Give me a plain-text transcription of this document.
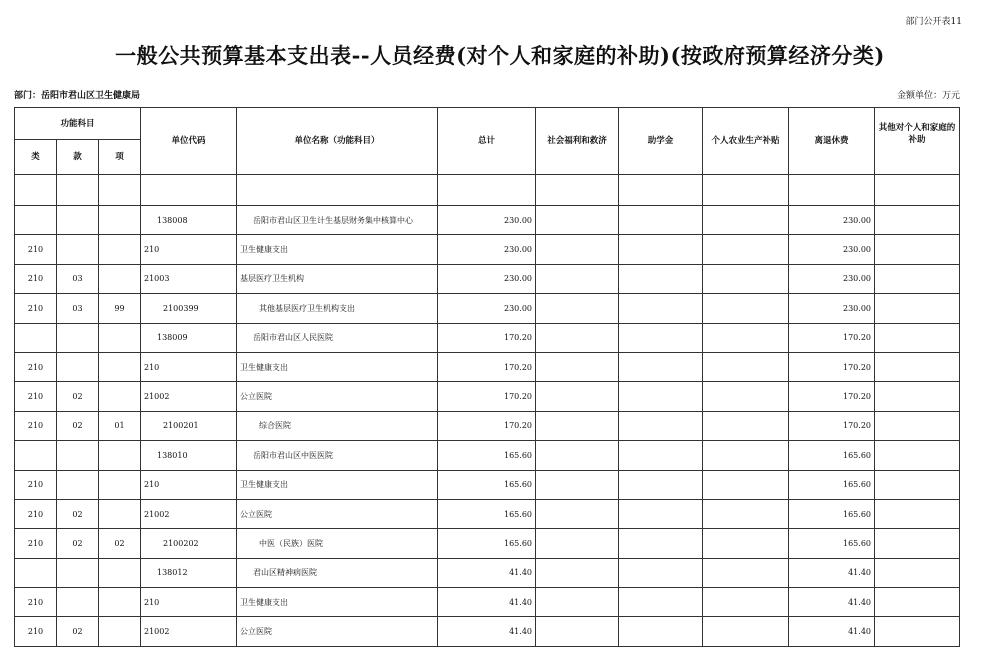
部门公开表11
一般公共预算基本支出表--人员经费(对个人和家庭的补助)(按政府预算经济分类)
部门：岳阳市君山区卫生健康局	金额单位：万元
功能科目			单位代码	单位名称（功能科目）	总计	社会福利和救济	助学金	个人农业生产补贴	离退休费	其他对个人和家庭的补助
类	款	项								

			138008	岳阳市君山区卫生计生基层财务集中核算中心	230.00				230.00	
210			210	卫生健康支出	230.00				230.00	
210	03		21003	基层医疗卫生机构	230.00				230.00	
210	03	99	2100399	其他基层医疗卫生机构支出	230.00				230.00	
			138009	岳阳市君山区人民医院	170.20				170.20	
210			210	卫生健康支出	170.20				170.20	
210	02		21002	公立医院	170.20				170.20	
210	02	01	2100201	综合医院	170.20				170.20	
			138010	岳阳市君山区中医医院	165.60				165.60	
210			210	卫生健康支出	165.60				165.60	
210	02		21002	公立医院	165.60				165.60	
210	02	02	2100202	中医（民族）医院	165.60				165.60	
			138012	君山区精神病医院	41.40				41.40	
210			210	卫生健康支出	41.40				41.40	
210	02		21002	公立医院	41.40				41.40	
